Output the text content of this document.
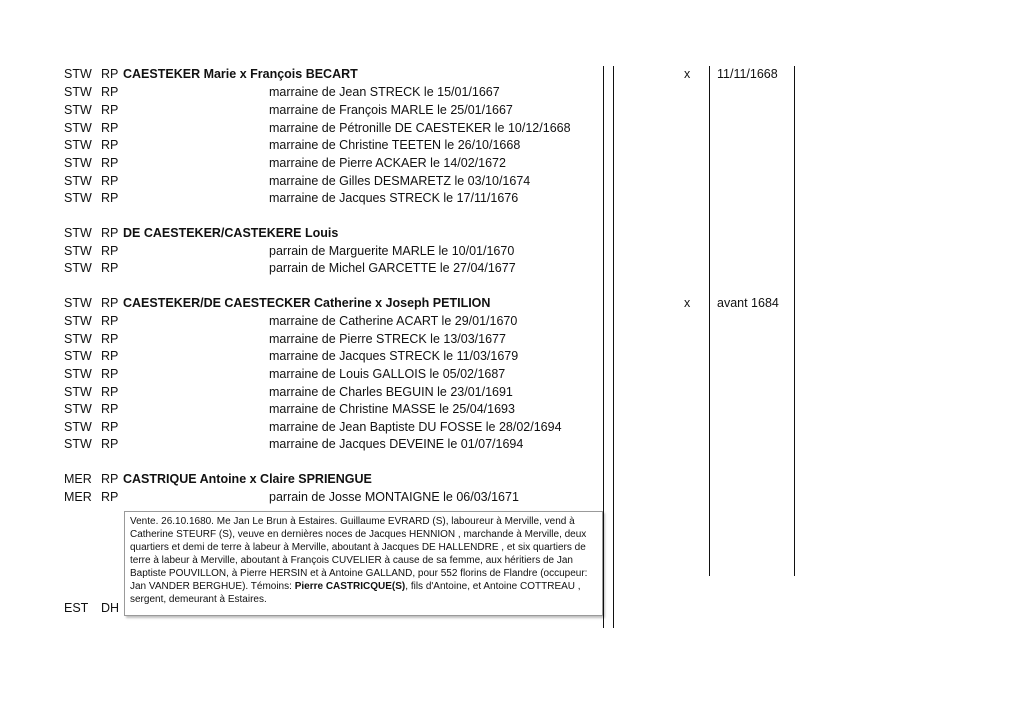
STW RP CAESTEKER Marie x François BECART	x 11/11/1668
STW RP	marraine de Jean STRECK le 15/01/1667
STW RP	marraine de François MARLE le 25/01/1667
STW RP	marraine de Pétronille DE CAESTEKER le 10/12/1668
STW RP	marraine de Christine TEETEN le 26/10/1668
STW RP	marraine de Pierre ACKAER le 14/02/1672
STW RP	marraine de Gilles DESMARETZ le 03/10/1674
STW RP	marraine de Jacques STRECK le 17/11/1676
STW RP DE CAESTEKER/CASTEKERE Louis
STW RP	parrain de Marguerite MARLE le 10/01/1670
STW RP	parrain de Michel GARCETTE le 27/04/1677
STW RP CAESTEKER/DE CAESTECKER Catherine x Joseph PETILION	x avant 1684
STW RP	marraine de Catherine ACART le 29/01/1670
STW RP	marraine de Pierre STRECK le 13/03/1677
STW RP	marraine de Jacques STRECK le 11/03/1679
STW RP	marraine de Louis GALLOIS le 05/02/1687
STW RP	marraine de Charles BEGUIN le 23/01/1691
STW RP	marraine de Christine MASSE le 25/04/1693
STW RP	marraine de Jean Baptiste DU FOSSE le 28/02/1694
STW RP	marraine de Jacques DEVEINE le 01/07/1694
MER RP CASTRIQUE Antoine x Claire SPRIENGUE
MER RP	parrain de Josse MONTAIGNE le 06/03/1671
Vente. 26.10.1680. Me Jan Le Brun à Estaires. Guillaume EVRARD (S), laboureur à Merville, vend à
Catherine STEURF (S), veuve en dernières noces de Jacques HENNION , marchande à Merville, deux
quartiers et demi de terre à labeur à Merville, aboutant à Jacques DE HALLENDRE , et six quartiers de
terre à labeur à Merville, aboutant à François CUVELIER à cause de sa femme, aux héritiers de Jan
Baptiste POUVILLON, à Pierre HERSIN et à Antoine GALLAND, pour 552 florins de Flandre (occupeur:
Jan VANDER BERGHUE). Témoins: Pierre CASTRICQUE(S), fils d'Antoine, et Antoine COTTREAU ,
sergent, demeurant à Estaires.
EST DH
